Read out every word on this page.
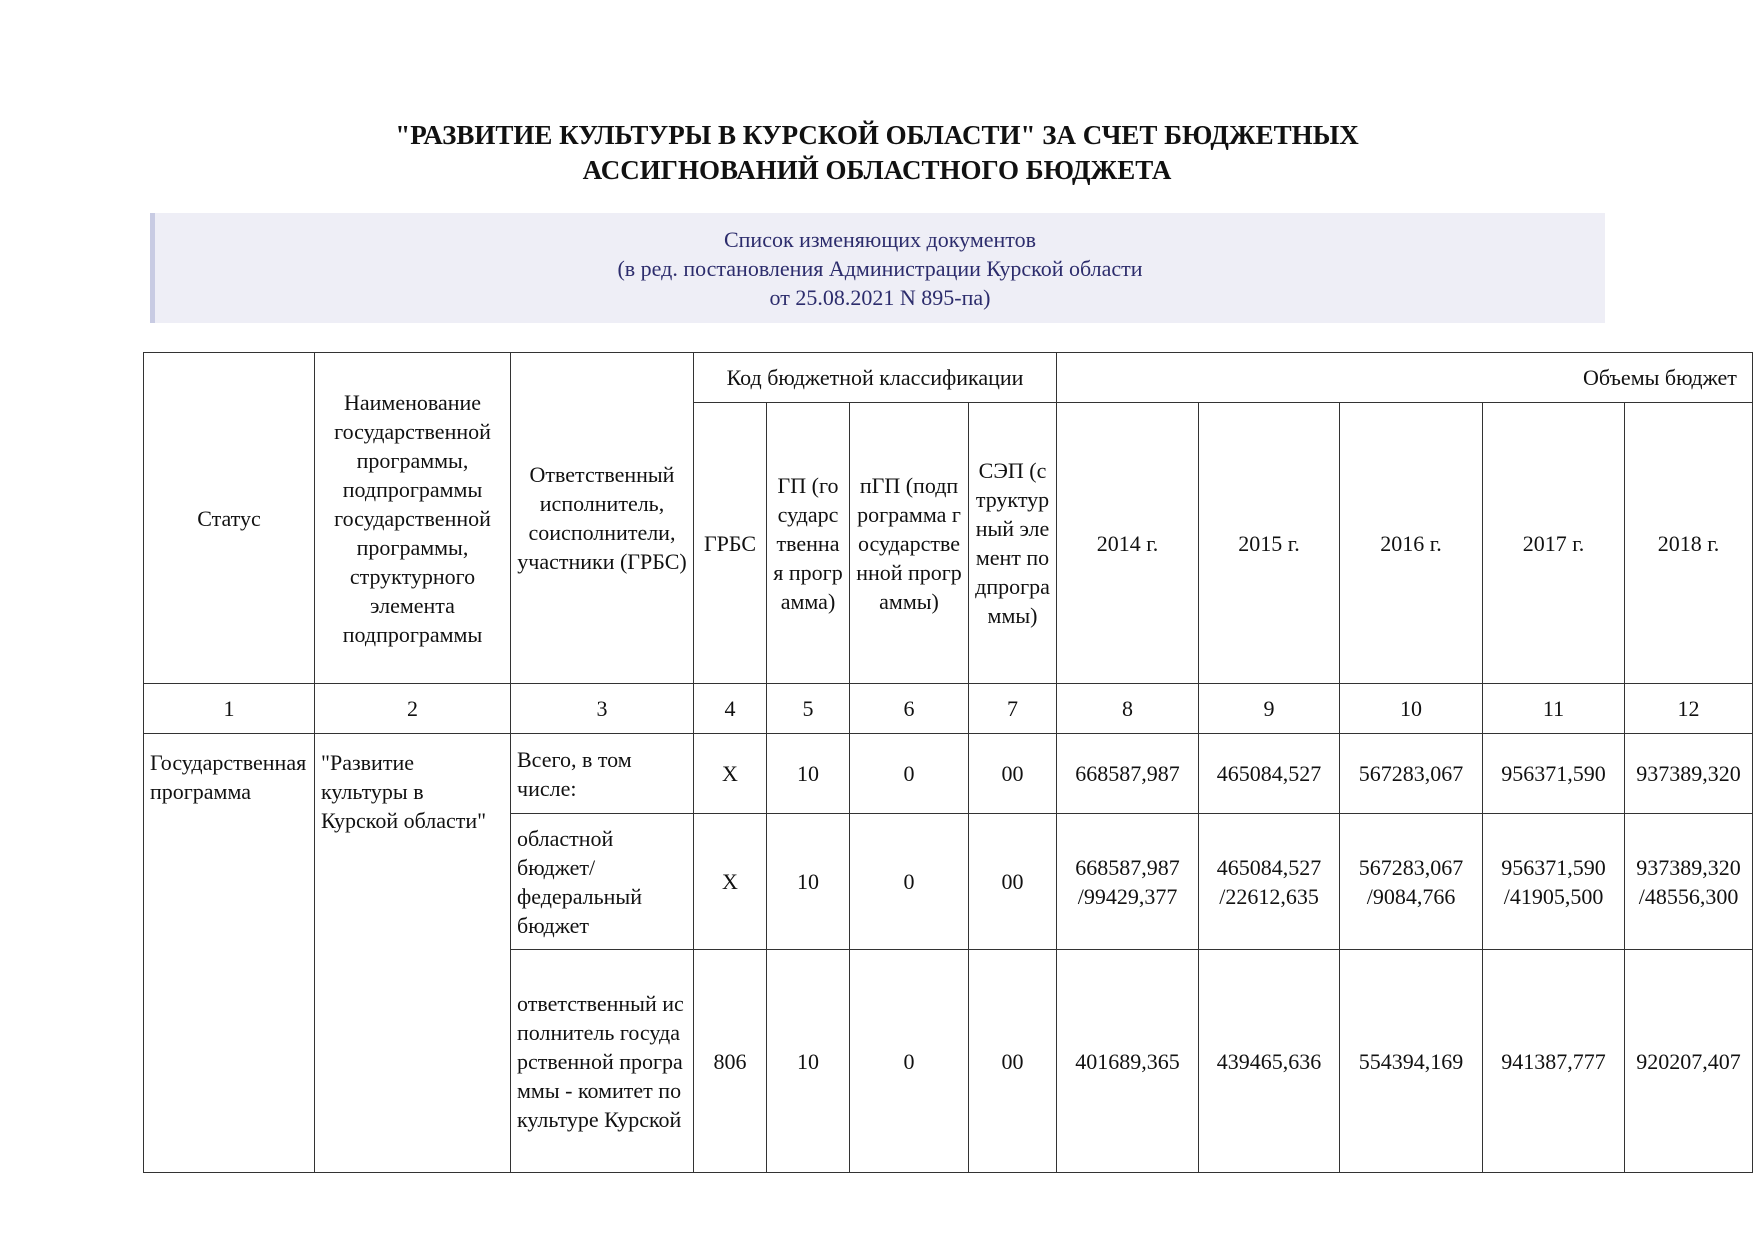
"РАЗВИТИЕ КУЛЬТУРЫ В КУРСКОЙ ОБЛАСТИ" ЗА СЧЕТ БЮДЖЕТНЫХ
АССИГНОВАНИЙ ОБЛАСТНОГО БЮДЖЕТА
Список изменяющих документов
(в ред. постановления Администрации Курской области
от 25.08.2021 N 895-па)
Статус	Наименование государственной программы, подпрограммы государственной программы, структурного элемента подпрограммы	Ответственный исполнитель, соисполнители, участники (ГРБС)	Код бюджетной классификации				Объемы бюджет				
			ГРБС	ГП (государственная программа)	пГП (подпрограмма государственной программы)	СЭП (структурный элемент подпрограммы)	2014 г.	2015 г.	2016 г.	2017 г.	2018 г.
1	2	3	4	5	6	7	8	9	10	11	12
Государственная программа	"Развитие культуры в Курской области"	Всего, в том числе:	X	10	0	00	668587,987	465084,527	567283,067	956371,590	937389,320
		областной бюджет/ федеральный бюджет	X	10	0	00	668587,987 /99429,377	465084,527 /22612,635	567283,067 /9084,766	956371,590 /41905,500	937389,320 /48556,300
		ответственный исполнитель государственной программы - комитет по культуре Курской	806	10	0	00	401689,365	439465,636	554394,169	941387,777	920207,407
